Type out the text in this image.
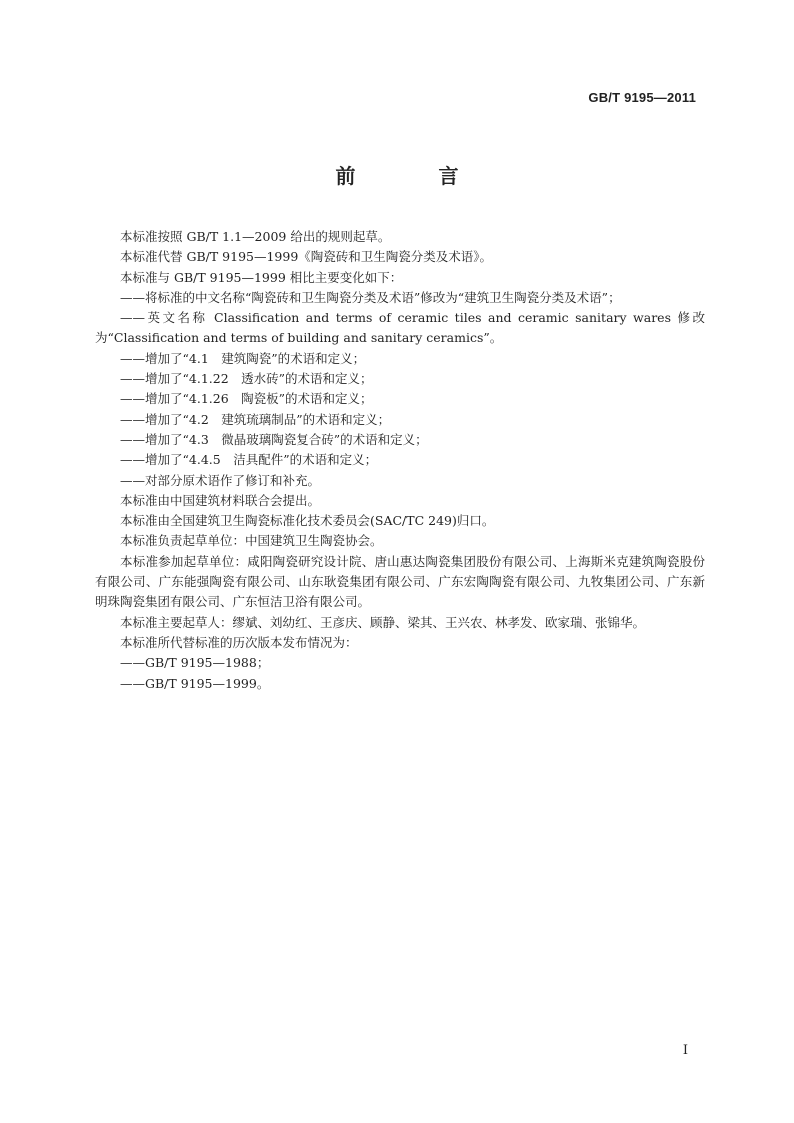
GB/T 9195—2011
前 言

本标准按照 GB/T 1.1—2009 给出的规则起草。

本标准代替 GB/T 9195—1999《陶瓷砖和卫生陶瓷分类及术语》。

本标准与 GB/T 9195—1999 相比主要变化如下：

——将标准的中文名称“陶瓷砖和卫生陶瓷分类及术语”修改为“建筑卫生陶瓷分类及术语”；

——英文名称 Classification and terms of ceramic tiles and ceramic sanitary wares 修改为“Classification and terms of building and sanitary ceramics”。

——增加了“4.1　建筑陶瓷”的术语和定义；

——增加了“4.1.22　透水砖”的术语和定义；

——增加了“4.1.26　陶瓷板”的术语和定义；

——增加了“4.2　建筑琉璃制品”的术语和定义；

——增加了“4.3　微晶玻璃陶瓷复合砖”的术语和定义；

——增加了“4.4.5　洁具配件”的术语和定义；

——对部分原术语作了修订和补充。

本标准由中国建筑材料联合会提出。

本标准由全国建筑卫生陶瓷标准化技术委员会(SAC/TC 249)归口。

本标准负责起草单位：中国建筑卫生陶瓷协会。

本标准参加起草单位：咸阳陶瓷研究设计院、唐山惠达陶瓷集团股份有限公司、上海斯米克建筑陶瓷股份有限公司、广东能强陶瓷有限公司、山东耿瓷集团有限公司、广东宏陶陶瓷有限公司、九牧集团公司、广东新明珠陶瓷集团有限公司、广东恒洁卫浴有限公司。

本标准主要起草人：缪斌、刘幼红、王彦庆、顾静、梁其、王兴农、林孝发、欧家瑞、张锦华。

本标准所代替标准的历次版本发布情况为：

——GB/T 9195—1988；

——GB/T 9195—1999。

I
